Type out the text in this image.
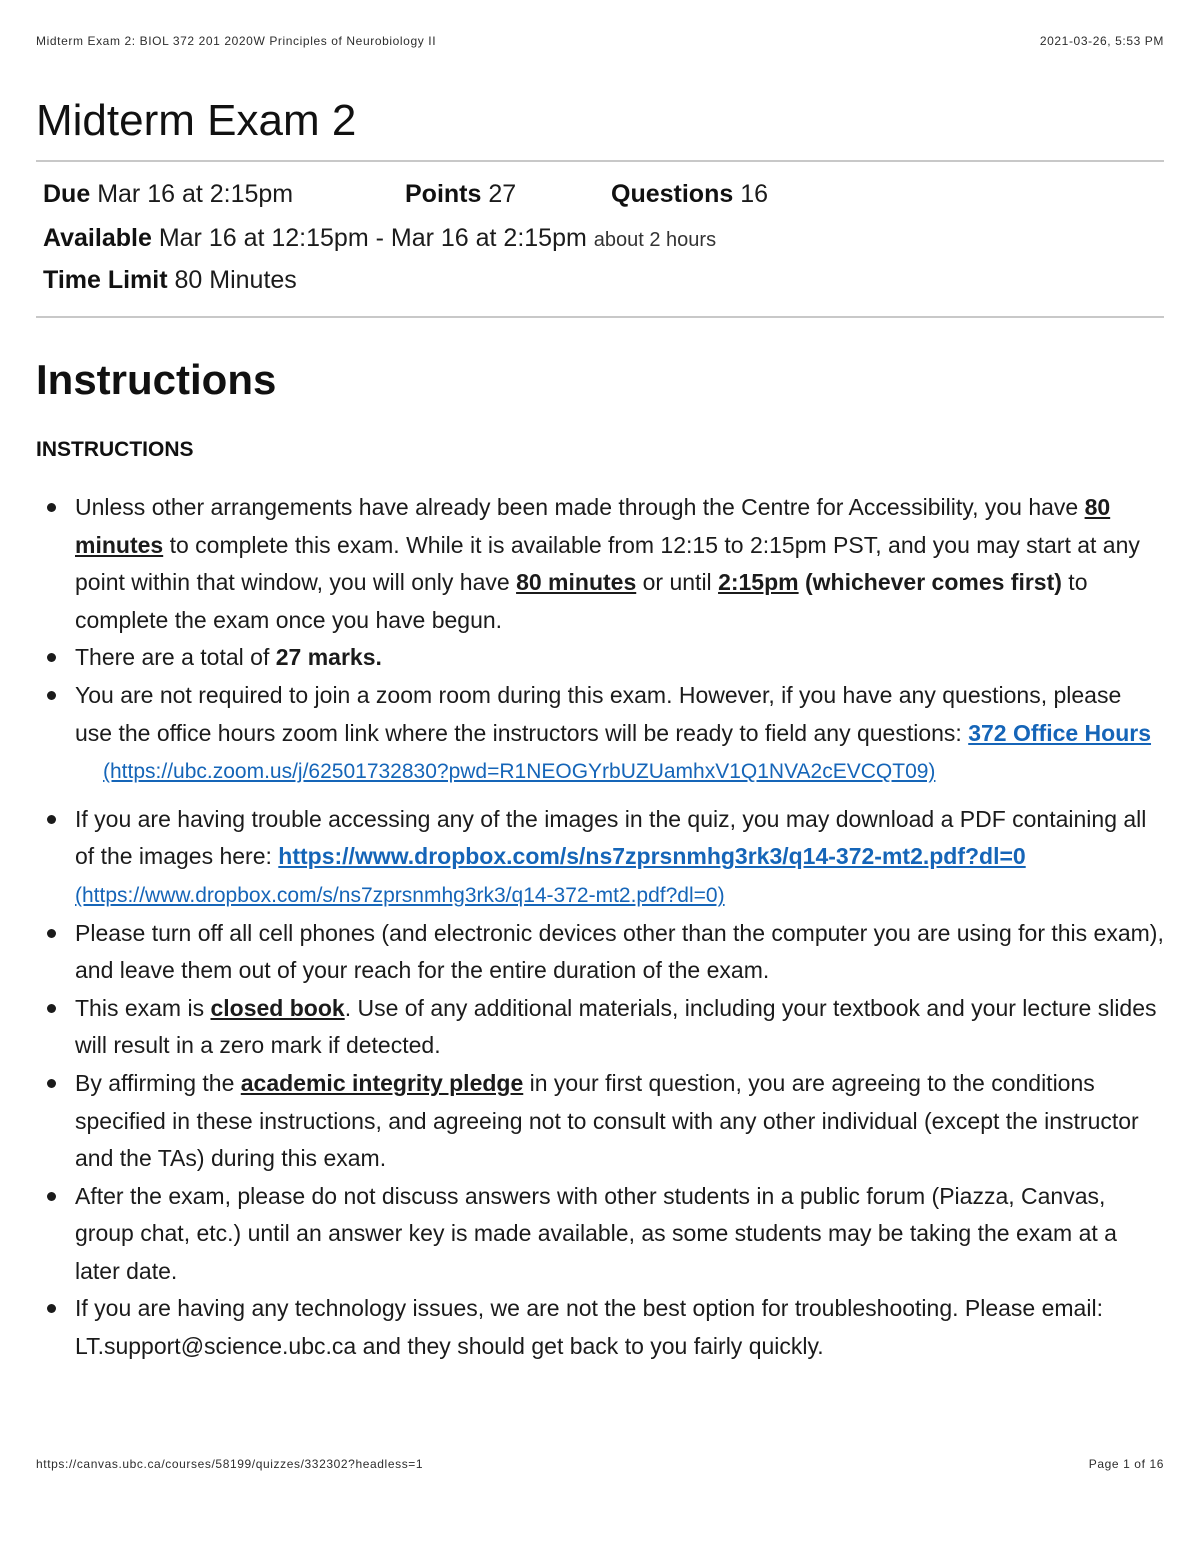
Midterm Exam 2: BIOL 372 201 2020W Principles of Neurobiology II	2021-03-26, 5:53 PM
Midterm Exam 2
Due Mar 16 at 2:15pm	Points 27	Questions 16
Available Mar 16 at 12:15pm - Mar 16 at 2:15pm about 2 hours
Time Limit 80 Minutes
Instructions
INSTRUCTIONS
Unless other arrangements have already been made through the Centre for Accessibility, you have 80 minutes to complete this exam. While it is available from 12:15 to 2:15pm PST, and you may start at any point within that window, you will only have 80 minutes or until 2:15pm (whichever comes first) to complete the exam once you have begun.
There are a total of 27 marks.
You are not required to join a zoom room during this exam. However, if you have any questions, please use the office hours zoom link where the instructors will be ready to field any questions: 372 Office Hours(https://ubc.zoom.us/j/62501732830?pwd=R1NEOGYrbUZUamhxV1Q1NVA2cEVCQT09)
If you are having trouble accessing any of the images in the quiz, you may download a PDF containing all of the images here: https://www.dropbox.com/s/ns7zprsnmhg3rk3/q14-372-mt2.pdf?dl=0(https://www.dropbox.com/s/ns7zprsnmhg3rk3/q14-372-mt2.pdf?dl=0)
Please turn off all cell phones (and electronic devices other than the computer you are using for this exam), and leave them out of your reach for the entire duration of the exam.
This exam is closed book. Use of any additional materials, including your textbook and your lecture slides will result in a zero mark if detected.
By affirming the academic integrity pledge in your first question, you are agreeing to the conditions specified in these instructions, and agreeing not to consult with any other individual (except the instructor and the TAs) during this exam.
After the exam, please do not discuss answers with other students in a public forum (Piazza, Canvas, group chat, etc.) until an answer key is made available, as some students may be taking the exam at a later date.
If you are having any technology issues, we are not the best option for troubleshooting. Please email: LT.support@science.ubc.ca and they should get back to you fairly quickly.
https://canvas.ubc.ca/courses/58199/quizzes/332302?headless=1	Page 1 of 16
